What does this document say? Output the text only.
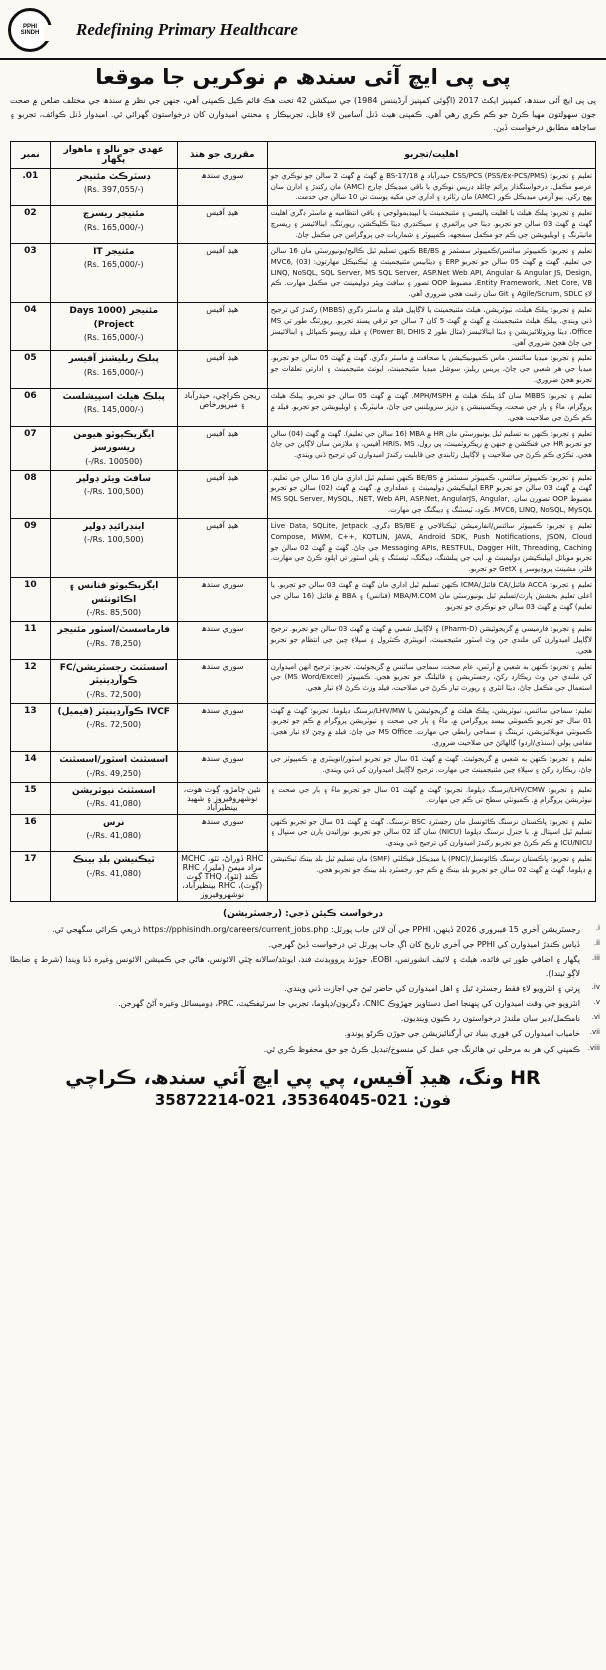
PPHI
SINDH Redefining Primary Healthcare
پی پی ایچ آئی سندھ م نوکریں جا موقعا
پی پی ایچ آئی سندھ، کمپنیز ایکٹ 2017 (اڳوئی کمپنیز آرڈیننس 1984) جي سیکشن 42 تحت هڪ قائم ڪیل ڪمپنی آهي، جنهن جي نظر ۾ سندھ جي مختلف ضلعن ۾ صحت جون سهولتون مهیا ڪرڻ جو ڪم ڪري رهي آهي. ڪمپنی هيٺ ڏنل آسامين لاءِ قابل، تجربيڪار ۽ محنتي اميدوارن کان درخواستون گهرائي ٿي. اميدوار ڏنل ڪوائف، تجربو ۽ ساڃاهه مطابق درخواست ڏين.
اهلیت/تجربو	مقرری جو هنڌ	عهدي جو نالو ۽ ماهوار پگهار	نمبر
تعلیم ۽ تجربو: CSS/PCS (PSS/Ex-PCS/PMS) حيدرآباد ۾ BS-17/18 ۾ گهٽ ۾ گهٽ 2 سالن جو نوڪري جو عرصو مڪمل. درخواستگذار پرائم چائلڊ ڊريس نوڪري يا باقي ميڊيڪل چارج (AMC) مان رکندڙ ۽ ادارن سان پهچ رکي. ٻيو آرمي ميڊيڪل ڪور (AMC) مان رٽائرڊ ۽ اداري جي مکيه پوسٽ تي 10 سالن جي خدمت.	سوري سندھ	ڊسٽرڪٽ مئنيجر
(-/Rs. 397,055)	01.
تعلیم ۽ تجربو: پبلڪ هيلٿ يا اهليت پالیسي ۽ مئنيجمينٽ يا ايپيڊيمولوجي ۽ باقي انتظاميه ۾ ماسٽر ڊگري اهليت گهٽ ۾ گهٽ 03 سالن جو تجربو. ڊيٽا جي پرائمري ۽ سيڪنڊري ڊيٽا ڪليڪشن، رپورٽنگ، اينالائيسز ۽ ريسرچ مانيٽرنگ ۽ اويليويشن جي ڪم جو مڪمل سمجهه. ڪمپيوٽر ۽ شماريات جي پروگرامن جي مڪمل ڄاڻ.	هيڊ آفيس	مئنيجر ريسرچ
(-/Rs. 165,000)	02
تعلیم ۽ تجربو: ڪمپيوٽر سائنس/ڪمپيوٽر سسٽمز ۾ BE/BS ڪنهن تسليم ٿيل ڪاليج/يونيورسٽي مان 16 سالن جي تعليم. گهٽ ۾ گهٽ 05 سالن جو تجربو ERP ۽ ڊيٽابيس مئنيجمينٽ ۾. ٽيڪنيڪل مهارتون: (03) MVC6, LINQ, NoSQL, SQL Server, MS SQL Server, ASP.Net Web API, Angular & Angular JS, Design, Entity Framework, .Net Core, VB، مضبوط OOP تصور ۽ سافٽ ویئر ڊولپمينٽ جي مڪمل مهارت. ڪم لاءِ Agile/Scrum, SDLC ۽ Git سان رغبت هجي ضروري آهي.	هيڊ آفيس	مئنيجر IT
(-/Rs. 165,000)	03
تعلیم ۽ تجربو: پبلڪ هيلٿ، نيوٽريشن، هيلٿ مئنيجمينٽ يا لاڳاپيل فيلڊ ۾ ماسٽر ڊگري (MBBS) رکندڙ کي ترجيح ڏني ويندي. پبلڪ هيلٿ مئنيجمينٽ ۾ گهٽ ۾ گهٽ 5 کان 7 سالن جو ترقي پسند تجربو. رپورٽنگ طور تي MS Office، ڊيٽا ويزوئلائيزيشن ۽ ڊيٽا اينالائيسز (مثال طور Power BI, DHIS 2) ۽ فيلڊ روينيو ڪمپائل ۽ اينالائيسز جي ڄاڻ هجڻ ضروري آهي.	هيڊ آفيس	مئنيجر (1000 Days Project)
(-/Rs. 165,000)	04
تعلیم ۽ تجربو: ميڊيا سائنسز، ماس ڪميونيڪيشن يا صحافت ۾ ماسٽر ڊگري. گهٽ ۾ گهٽ 05 سالن جو تجربو. ميڊيا جي هر شعبي جي ڄاڻ، پريس ريليز، سوشل ميڊيا مئنيجمينٽ، ايونٽ مئنيجمينٽ ۽ ادارتي تعلقات جو تجربو هجڻ ضروري.	هيڊ آفيس	پبلڪ ريليشنز آفيسر
(-/Rs. 165,000)	05
تعلیم ۽ تجربو: MBBS سان گڏ پبلڪ هيلٿ ۾ MPH/MSPH. گهٽ ۾ گهٽ 05 سالن جو تجربو. پبلڪ هيلٿ پروگرام، ماءُ ۽ ٻار جي صحت، ويڪسينيشن ۽ ڊزيز سرويلنس جي ڄاڻ، مانيٽرنگ ۽ اويليويشن جو تجربو. فيلڊ ۾ ڪم ڪرڻ جي صلاحيت هجي.	ريجن ڪراچي، حيدرآباد ۽ ميرپورخاص	پبلڪ هيلٿ اسپيشلسٽ
(-/Rs. 145,000)	06
تعلیم ۽ تجربو: ڪنهن به تسليم ٿيل يونيورسٽي مان HR ۾ MBA (16 سالن جي تعليم). گهٽ ۾ گهٽ (04) سالن جو تجربو HR جي فنڪشن ۾ جنهن ۾ ريڪروٽمينٽ، پي رول، HRIS، MS آفيس، ۽ ملازمن سان لاڳاپن جي ڄاڻ هجي. تڪڙي ڪم ڪرڻ جي صلاحيت ۽ لاڳاپيل رٿابندي جي قابليت رکندڙ اميدوارن کي ترجيح ڏني ويندي.	هيڊ آفيس	ايگزيڪيوٽو هيومن ريسورسز
(Rs. 100500/-)	07
تعلیم ۽ تجربو: ڪمپيوٽر سائنس، ڪمپيوٽر سسٽمز ۾ BE/BS ڪنهن تسليم ٿيل اداري مان 16 سالن جي تعليم. گهٽ ۾ گهٽ 03 سالن جو تجربو ERP ايپليڪيشن ڊولپمينٽ ۽ عملداري ۾. گهٽ ۾ گهٽ (02) سالن جو تجربو مضبوط OOP تصورن سان. MS SQL Server, MySQL, .NET, Web API, ASP.Net, AngularJS, Angular, MVC6, LINQ, NoSQL, MySQL. ڪوڊ، ٽيسٽنگ ۽ ڊيبگنگ جي مهارت.	هيڊ آفيس	سافٽ ويئر ڊولپر
(Rs. 100,500/-)	08
تعلیم ۽ تجربو: ڪمپيوٽر سائنس/انفارميشن ٽيڪنالاجي ۾ BS/BE ڊگري. Live Data, SQLite, Jetpack Compose, MWM, C++, KOTLIN, JAVA, Android SDK, Push Notifications, JSON, Cloud Messaging APIs, RESTFUL, Dagger Hilt, Threading, Caching جي ڄاڻ. گهٽ ۾ گهٽ 02 سالن جو تجربو موبائل ايپليڪيشن ڊولپمينٽ ۾. ايپ جي پبلشنگ، ڊيبگنگ، ٽيسٽنگ ۽ پلي اسٽور تي اپلوڊ ڪرڻ جي مهارت. فلٽر، مشينٽ پروڊيوسر ۽ GetX جو تجربو.	هيڊ آفيس	اينڊرائيڊ ڊولپر
(Rs. 100,500/-)	09
تعلیم ۽ تجربو: ACCA فائنل/CA فائنل/ICMA ڪنهن تسليم ٿيل اداري مان گهٽ ۾ گهٽ 03 سالن جو تجربو. يا اعلى تعليم بخشش پارٽ/تسليم ٿيل يونيورسٽي مان MBA/M.COM (فنانس) ۽ BBA ۾ فائنل (16 سالن جي تعليم) گهٽ ۾ گهٽ 03 سالن جو نوڪري جو تجربو.	سوري سندھ	ايگزيڪيوٽو فنانس ۽ اڪائونٽس
(Rs. 85,500/-)	10
تعلیم ۽ تجربو: فارميسي ۾ گريجوئيشن (Pharm-D) ۽ لاڳاپيل شعبي ۾ گهٽ ۾ گهٽ 03 سالن جو تجربو. ترجيح لاڳاپيل اميدوارن کي ملندي جن وٽ اسٽور مئنيجمينٽ، انوينٽري ڪنٽرول ۽ سپلاءِ چين جي انتظام جو تجربو هجي.	سوري سندھ	فارماسسٽ/اسٽور مئنيجر
(Rs. 78,250/-)	11
تعلیم ۽ تجربو: ڪنهن به شعبي ۾ آرٽس، عام صحت، سماجي سائنس ۾ گريجوئيٽ. تجربو: ترجيح انهن اميدوارن کي ملندي جن وٽ ريڪارڊ رکڻ، رجسٽريشن ۽ فائيلنگ جو تجربو هجي. ڪمپيوٽر (MS Word/Excel) جي استعمال جي مڪمل ڄاڻ، ڊيٽا انٽري ۽ رپورٽ تيار ڪرڻ جي صلاحيت، فيلڊ وزٽ ڪرڻ لاءِ تيار هجي.	سوري سندھ	اسسٽنٽ رجسٽريشن/FC ڪوآرڊينيٽر
(Rs. 72,500/-)	12
تعلیم: سماجي سائنس، نيوٽريشن، پبلڪ هيلٿ ۾ گريجوئيشن يا LHV/MW/نرسنگ ڊپلوما. تجربو: گهٽ ۾ گهٽ 01 سال جو تجربو ڪميونٽي بيسڊ پروگرامن ۾، ماءُ ۽ ٻار جي صحت ۽ نيوٽريشن پروگرام ۾ ڪم جو تجربو. ڪميونٽي موبلائيزيشن، ٽريننگ ۽ سماجي رابطي جي مهارت. MS Office جي ڄاڻ. فيلڊ ۾ وڃڻ لاءِ تيار هجي. مقامي ٻولي (سنڌي/اردو) ڳالهائڻ جي صلاحيت ضروري.	سوري سندھ	IVCF ڪوآرڊينيٽر (فيميل)
(Rs. 72,500/-)	13
تعلیم ۽ تجربو: ڪنهن به شعبي ۾ گريجوئيٽ. گهٽ ۾ گهٽ 01 سال جو تجربو اسٽور/انوينٽري ۾. ڪمپيوٽر جي ڄاڻ، ريڪارڊ رکڻ ۽ سپلاءِ چين مئنيجمينٽ جي مهارت. ترجيح لاڳاپيل اميدوارن کي ڏني ويندي.	سوري سندھ	اسسٽنٽ اسٽور/اسسٽنٽ
(Rs. 49,250/-)	14
تعلیم ۽ تجربو: LHV/CMW/نرسنگ ڊپلوما. تجربو: گهٽ ۾ گهٽ 01 سال جو تجربو ماءُ ۽ ٻار جي صحت ۽ نيوٽريشن پروگرام ۾. ڪميونٽي سطح تي ڪم جي مهارت.	نئين ڄامڙو، ڳوٺ هوت، نوشهروفيروز ۽ شهيد بينظيرآباد	اسسٽنٽ نيوٽريشن
(Rs. 41,080/-)	15
تعلیم ۽ تجربو: پاڪستان نرسنگ ڪائونسل مان رجسٽرڊ BSC نرسنگ. گهٽ ۾ گهٽ 01 سال جو تجربو ڪنهن تسليم ٿيل اسپتال ۾. يا جنرل نرسنگ ڊپلوما (NICU) سان گڏ 02 سالن جو تجربو. نوزائيدن ٻارن جي سنڀال ۽ ICU/NICU ۾ ڪم ڪرڻ جو تجربو رکندڙ اميدوارن کي ترجيح ڏني ويندي.	سوري سندھ	نرس
(Rs. 41,080/-)	16
تعلیم ۽ تجربو: پاڪستان نرسنگ ڪائونسل/(PNC) يا ميڊيڪل فيڪلٽي (SMF) مان تسليم ٿيل بلڊ بينڪ ٽيڪنيشن ۾ ڊپلوما. گهٽ ۾ گهٽ 02 سالن جو تجربو بلڊ بينڪ ۾ ڪم جو. رجسٽرڊ بلڊ بينڪ جو تجربو هجي.	RHC ڏوراڻ، ٺٽو، MCHC مراد ميمڻ (ملير)، RHC ڪنڊ (ٺٽو)، THQ ڳوٺ (ڳوٺ)، RHC بينظيرآباد، نوشهروفيروز	ٽيڪنيشن بلڊ بينڪ
(Rs. 41,080/-)	17
درخواست ڪيئن ڏجي: (رجسٽريشن)
رجسٽريشن آخري 15 فيبروري 2026 ڏينهن، PPHI جي آن لائن جاب پورٽل: https://pphisindh.org/careers/current_jobs.php ذريعي ڪرائي سگهجي ٿي.
ڏياس ڪندڙ اميدوارن کي PPHI جي آخري تاريخ کان اڳ جاب پورٽل تي درخواست ڏيڻ گهرجي.
پگهار ۽ اضافي طور تي فائده، هيلٿ ۽ لائيف انشورنس، EOBI، جوڙند پروويڊنٽ فنڊ، ايونٽڊ/سالانه ڇٽي الائونس، هاڻي جي ڪميشن الائونس وغيره ڏنا ويندا (شرط ۽ ضابطا لاڳو ٿيندا).
ڀرتي ۽ انٽرويو لاءِ فقط رجسٽرڊ ٿيل ۽ اهل اميدوارن کي حاضر ٿيڻ جي اجازت ڏني ويندي.
انٽرويو جي وقت اميدوارن کي پنهنجا اصل دستاویز جهڙوڪ CNIC، ڊگريون/ڊپلوما، تجربي جا سرٽيفڪيٽ، PRC، ڊوميسائل وغيره آڻڻ گهرجن.
نامڪمل/دير سان ملندڙ درخواستون رد ڪيون وينديون.
خامياب اميدوارن کي فوري بنياد تي آرگنائيزيشن جي جوڙن ڪرڻو پوندو.
ڪمپني کي هر به مرحلي تي هائرنگ جي عمل کي منسوخ/تبديل ڪرڻ جو حق محفوظ ڪري ٿي.
HR ونگ، هيڊ آفيس، پي پي ايڇ آئي سندھ، ڪراچي
فون: 021-35364045، 021-35872214
